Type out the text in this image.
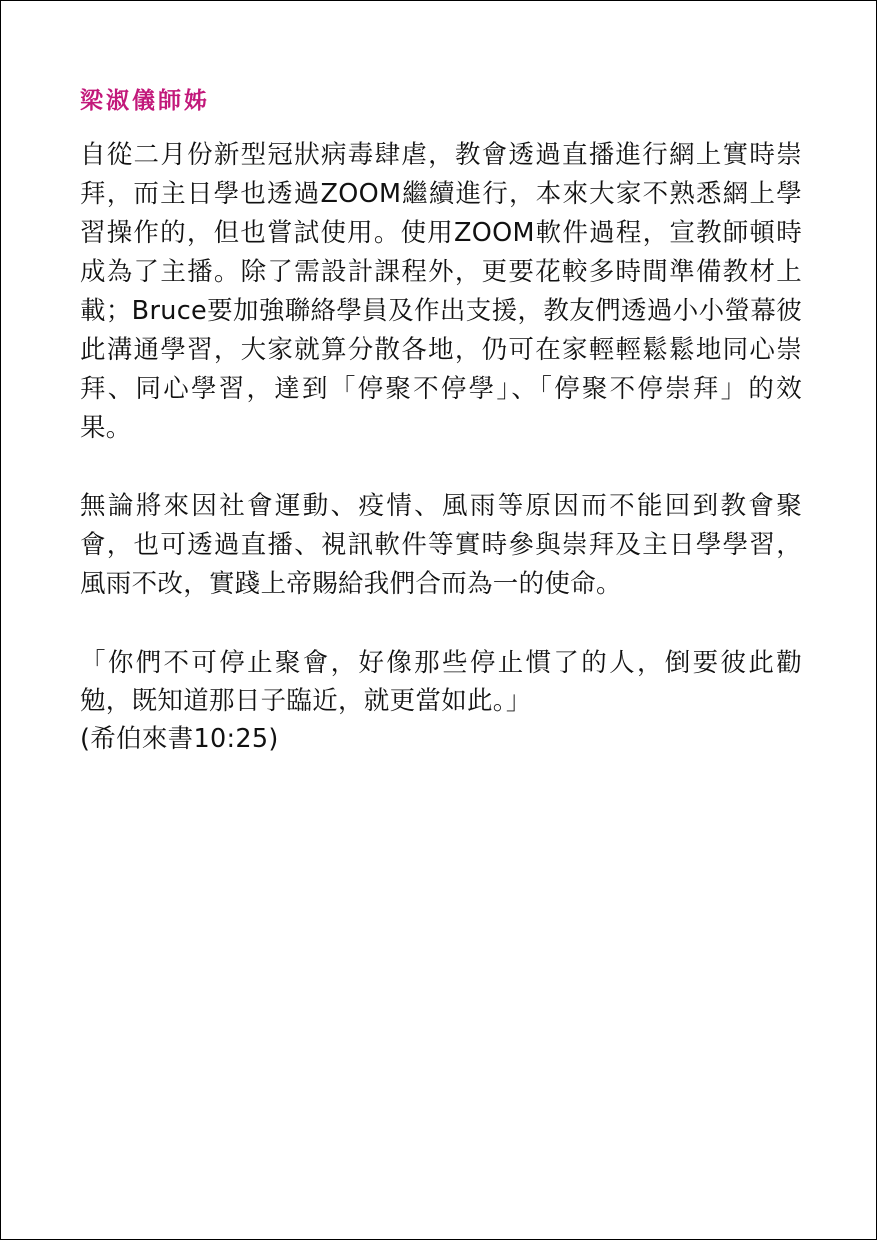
梁淑儀師姊

自從二月份新型冠狀病毒肆虐，教會透過直播進行網上實時崇拜，而主日學也透過ZOOM繼續進行，本來大家不熟悉網上學習操作的，但也嘗試使用。使用ZOOM軟件過程，宣教師頓時成為了主播。除了需設計課程外，更要花較多時間準備教材上載；Bruce要加強聯絡學員及作出支援，教友們透過小小螢幕彼此溝通學習，大家就算分散各地，仍可在家輕輕鬆鬆地同心崇拜、同心學習，達到「停聚不停學」、「停聚不停崇拜」的效果。

無論將來因社會運動、疫情、風雨等原因而不能回到教會聚會，也可透過直播、視訊軟件等實時參與崇拜及主日學學習，風雨不改，實踐上帝賜給我們合而為一的使命。

「你們不可停止聚會，好像那些停止慣了的人，倒要彼此勸勉，既知道那日子臨近，就更當如此。」

(希伯來書10:25)
